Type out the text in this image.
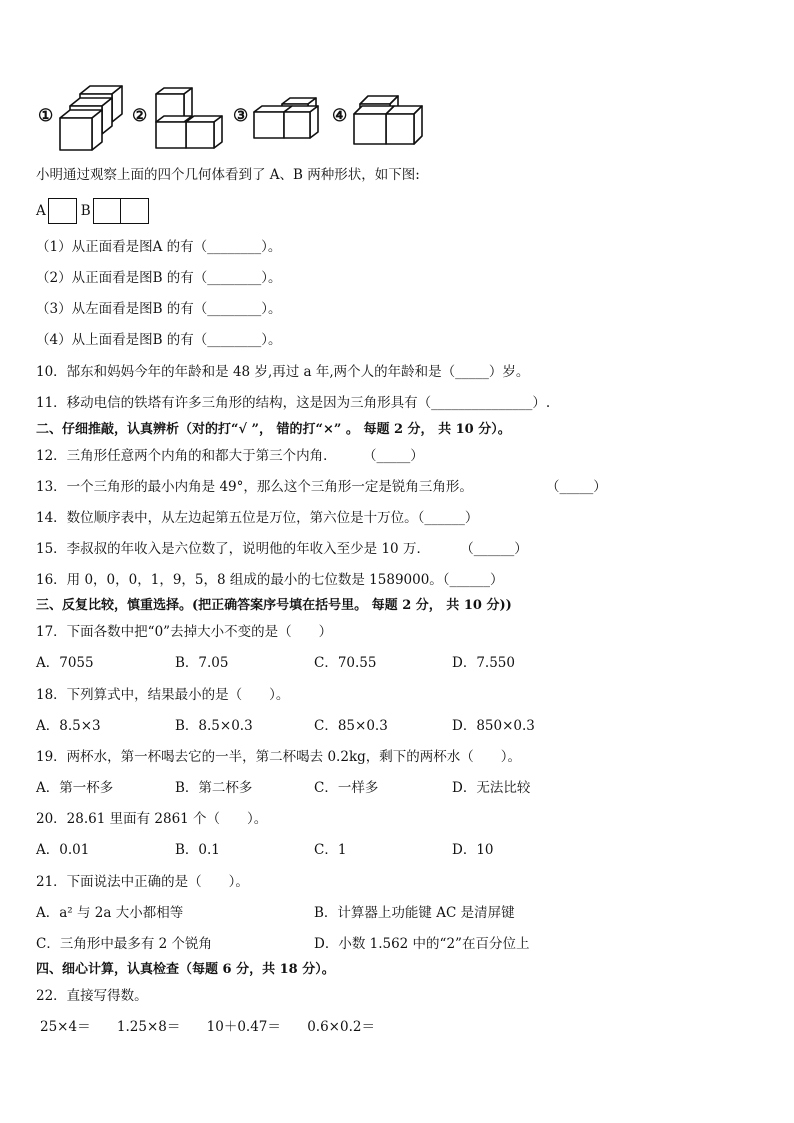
①	②	③	④
小明通过观察上面的四个几何体看到了 A、B 两种形状，如下图:
A	B
（1）从正面看是图A 的有（________）。
（2）从正面看是图B 的有（________）。
（3）从左面看是图B 的有（________）。
（4）从上面看是图B 的有（________）。
10．郜东和妈妈今年的年龄和是 48 岁,再过 a 年,两个人的年龄和是（_____）岁。
11．移动电信的铁塔有许多三角形的结构，这是因为三角形具有（_______________）.
二、仔细推敲，认真辨析（对的打“√ ”， 错的打“×” 。 每题 2 分， 共 10 分）。
12．三角形任意两个内角的和都大于第三个内角． （_____）
13．一个三角形的最小内角是 49°，那么这个三角形一定是锐角三角形。	（_____）
14．数位顺序表中，从左边起第五位是万位，第六位是十万位。（______）
15．李叔叔的年收入是六位数了，说明他的年收入至少是 10 万． （______）
16．用 0，0，0，1，9，5，8 组成的最小的七位数是 1589000。（______）
三、反复比较，慎重选择。(把正确答案序号填在括号里。 每题 2 分， 共 10 分))
17．下面各数中把“0”去掉大小不变的是（　　）
A．7055	B．7.05	C．70.55	D．7.550
18．下列算式中，结果最小的是（　　）。
A．8.5×3	B．8.5×0.3	C．85×0.3	D．850×0.3
19．两杯水，第一杯喝去它的一半，第二杯喝去 0.2kg，剩下的两杯水（　　）。
A．第一杯多	B．第二杯多	C．一样多	D．无法比较
20．28.61 里面有 2861 个（　　）。
A．0.01	B．0.1	C．1	D．10
21．下面说法中正确的是（　　）。
A．a² 与 2a 大小都相等	B．计算器上功能键 AC 是清屏键
C．三角形中最多有 2 个锐角	D．小数 1.562 中的“2”在百分位上
四、细心计算，认真检查（每题 6 分，共 18 分）。
22．直接写得数。
25×4＝ 1.25×8＝ 10＋0.47＝ 0.6×0.2＝
